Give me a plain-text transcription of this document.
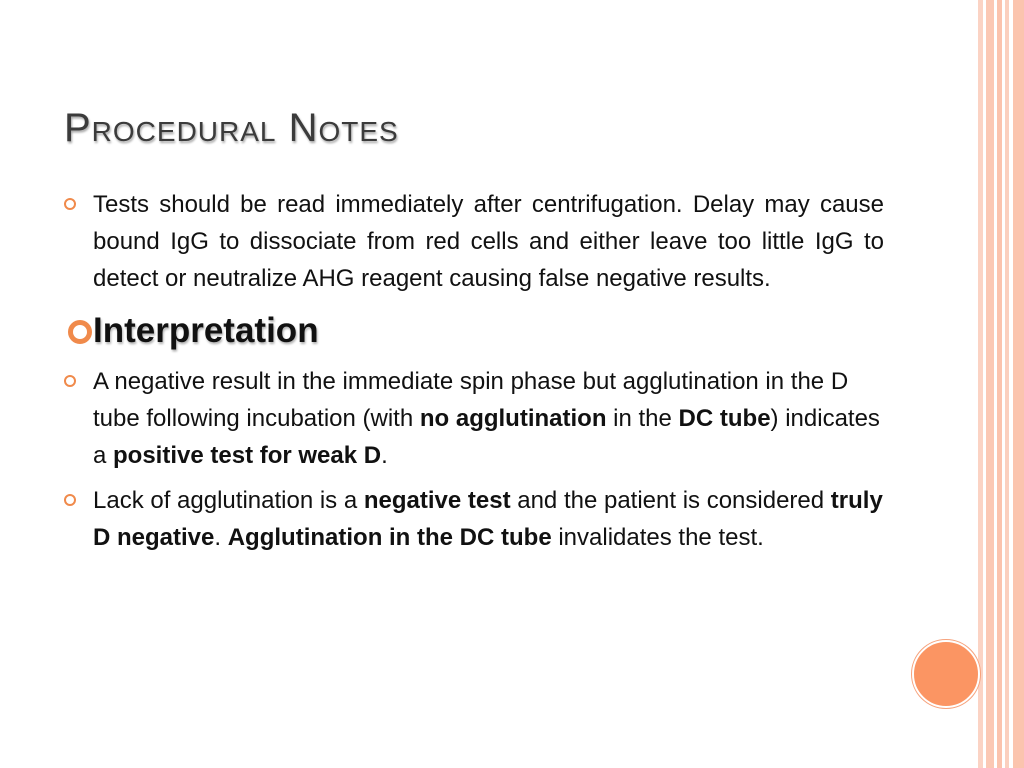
Procedural Notes

Tests should be read immediately after centrifugation. Delay may cause bound IgG to dissociate from red cells and either leave too little IgG to detect or neutralize AHG reagent causing false negative results.

Interpretation

A negative result in the immediate spin phase but agglutination in the D tube following incubation (with no agglutination in the DC tube) indicates a positive test for weak D.

Lack of agglutination is a negative test and the patient is considered truly D negative. Agglutination in the DC tube invalidates the test.
